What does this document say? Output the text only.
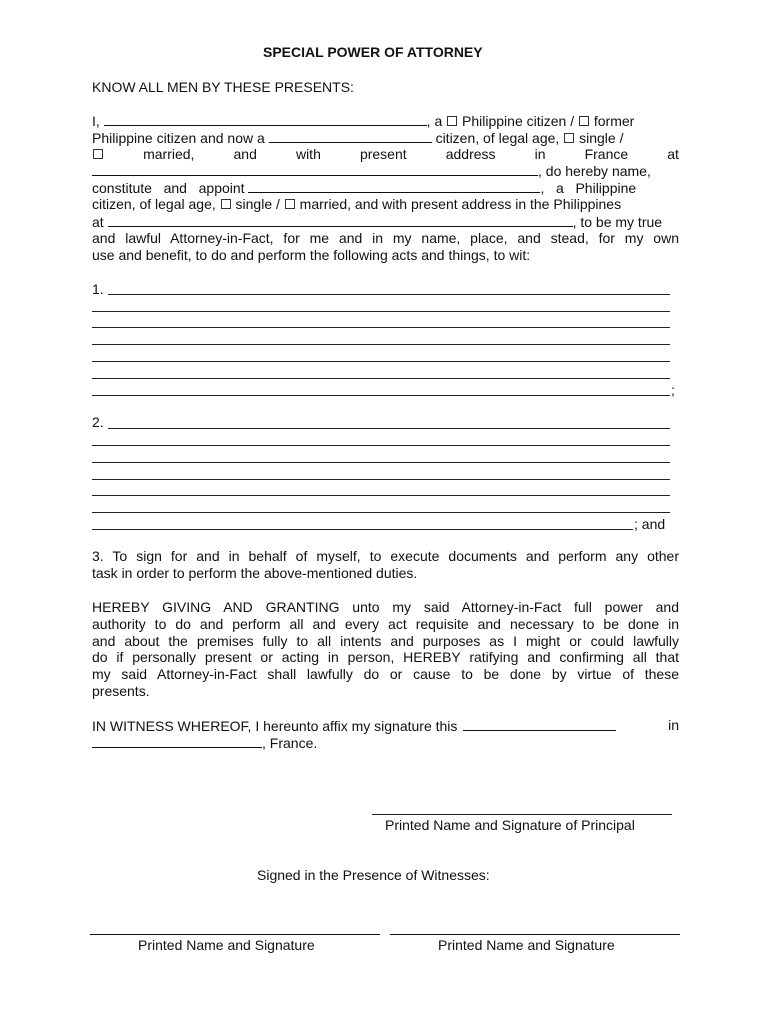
SPECIAL POWER OF ATTORNEY
KNOW ALL MEN BY THESE PRESENTS:
I,	, a Philippine citizen / former
Philippine citizen and now a	citizen, of legal age, single /
married,	and	with	present	address	in	France	at
, do hereby name,
constitute   and   appoint	,   a   Philippine
citizen, of legal age, single / married, and with present address in the Philippines
at	, to be my true
and lawful Attorney-in-Fact, for me and in my name, place, and stead, for my own
use and benefit, to do and perform the following acts and things, to wit:
1.
;
2.
; and
3. To sign for and in behalf of myself, to execute documents and perform any other
task in order to perform the above-mentioned duties.
HEREBY GIVING AND GRANTING unto my said Attorney-in-Fact full power and
authority to do and perform all and every act requisite and necessary to be done in
and about the premises fully to all intents and purposes as I might or could lawfully
do if personally present or acting in person, HEREBY ratifying and confirming all that
my said Attorney-in-Fact shall lawfully do or cause to be done by virtue of these
presents.
IN WITNESS WHEREOF, I hereunto affix my signature this	in
, France.
Printed Name and Signature of Principal
Signed in the Presence of Witnesses:
Printed Name and Signature	Printed Name and Signature
